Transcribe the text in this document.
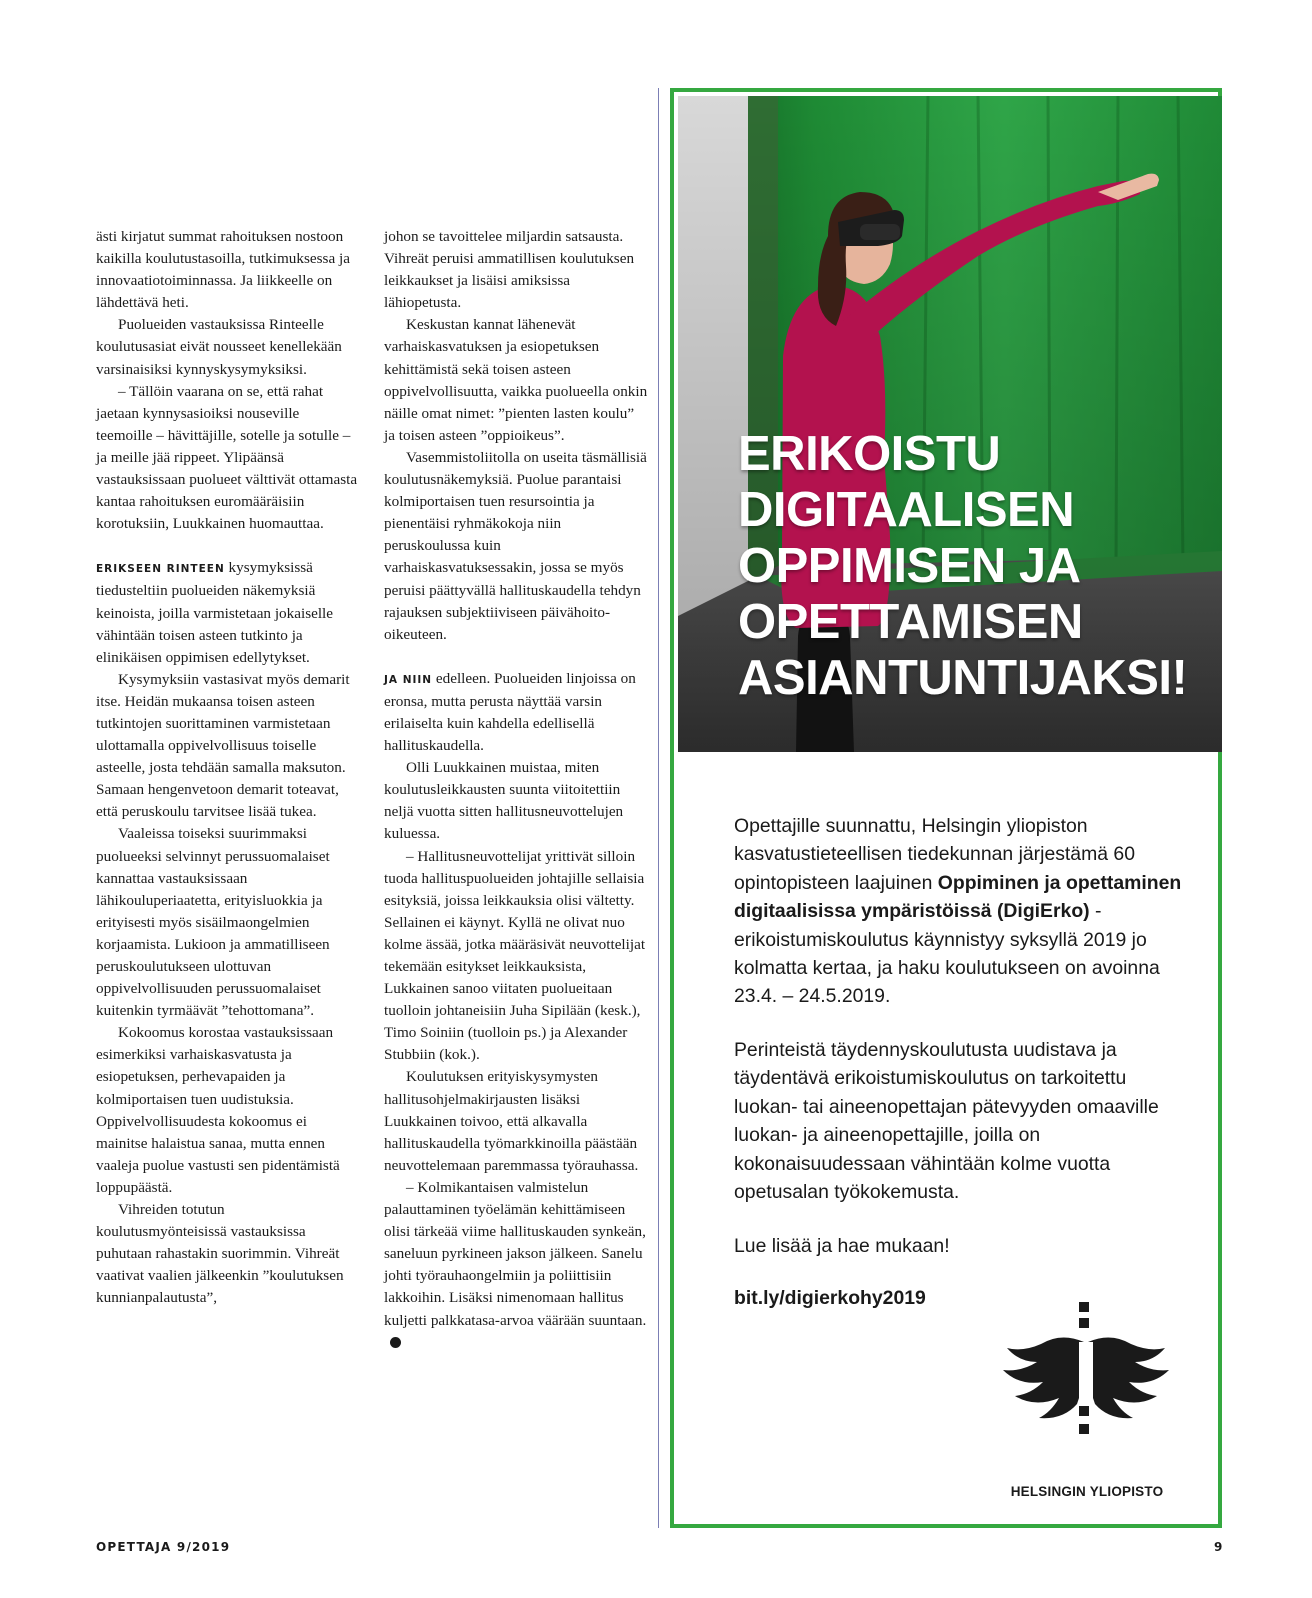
ästi kirjatut summat rahoituksen nostoon kaikilla koulutustasoilla, tutkimuksessa ja innovaatiotoiminnassa. Ja liikkeelle on lähdettävä heti.

Puolueiden vastauksissa Rinteelle koulutusasiat eivät nousseet kenellekään varsinaisiksi kynnyskysymyksiksi.

– Tällöin vaarana on se, että rahat jaetaan kynnysasioiksi nouseville teemoille – hävittäjille, sotelle ja sotulle – ja meille jää rippeet. Ylipäänsä vastauksissaan puolueet välttivät ottamasta kantaa rahoituksen euromääräisiin korotuksiin, Luukkainen huomauttaa.

ERIKSEEN RINTEEN kysymyksissä tiedusteltiin puolueiden näkemyksiä keinoista, joilla varmistetaan jokaiselle vähintään toisen asteen tutkinto ja elinikäisen oppimisen edellytykset.

Kysymyksiin vastasivat myös demarit itse. Heidän mukaansa toisen asteen tutkintojen suorittaminen varmistetaan ulottamalla oppivelvollisuus toiselle asteelle, josta tehdään samalla maksuton. Samaan hengenvetoon demarit toteavat, että peruskoulu tarvitsee lisää tukea.

Vaaleissa toiseksi suurimmaksi puolueeksi selvinnyt perussuomalaiset kannattaa vastauksissaan lähikouluperiaatetta, erityisluokkia ja erityisesti myös sisäilmaongelmien korjaamista. Lukioon ja ammatilliseen peruskoulutukseen ulottuvan oppivelvollisuuden perussuomalaiset kuitenkin tyrmäävät ”tehottomana”.

Kokoomus korostaa vastauksissaan esimerkiksi varhaiskasvatusta ja esiopetuksen, perhevapaiden ja kolmiportaisen tuen uudistuksia. Oppivelvollisuudesta kokoomus ei mainitse halaistua sanaa, mutta ennen vaaleja puolue vastusti sen pidentämistä loppupäästä.

Vihreiden totutun koulutusmyönteisissä vastauksissa puhutaan rahastakin suorimmin. Vihreät vaativat vaalien jälkeenkin ”koulutuksen kunnianpalautusta”,

johon se tavoittelee miljardin satsausta. Vihreät peruisi ammatillisen koulutuksen leikkaukset ja lisäisi amiksissa lähiopetusta.

Keskustan kannat lähenevät varhaiskasvatuksen ja esiopetuksen kehittämistä sekä toisen asteen oppivelvollisuutta, vaikka puolueella onkin näille omat nimet: ”pienten lasten koulu” ja toisen asteen ”oppioikeus”.

Vasemmistoliitolla on useita täsmällisiä koulutusnäkemyksiä. Puolue parantaisi kolmiportaisen tuen resursointia ja pienentäisi ryhmäkokoja niin peruskoulussa kuin varhaiskasvatuksessakin, jossa se myös peruisi päättyvällä hallituskaudella tehdyn rajauksen subjektiiviseen päivähoito-oikeuteen.

JA NIIN edelleen. Puolueiden linjoissa on eronsa, mutta perusta näyttää varsin erilaiselta kuin kahdella edellisellä hallituskaudella.

Olli Luukkainen muistaa, miten koulutusleikkausten suunta viitoitettiin neljä vuotta sitten hallitusneuvottelujen kuluessa.

– Hallitusneuvottelijat yrittivät silloin tuoda hallituspuolueiden johtajille sellaisia esityksiä, joissa leikkauksia olisi vältetty. Sellainen ei käynyt. Kyllä ne olivat nuo kolme ässää, jotka määräsivät neuvottelijat tekemään esitykset leikkauksista, Lukkainen sanoo viitaten puolueitaan tuolloin johtaneisiin Juha Sipilään (kesk.), Timo Soiniin (tuolloin ps.) ja Alexander Stubbiin (kok.).

Koulutuksen erityiskysymysten hallitusohjelmakirjausten lisäksi Luukkainen toivoo, että alkavalla hallituskaudella työmarkkinoilla päästään neuvottelemaan paremmassa työrauhassa.

– Kolmikantaisen valmistelun palauttaminen työelämän kehittämiseen olisi tärkeää viime hallituskauden synkeän, saneluun pyrkineen jakson jälkeen. Sanelu johti työrauhaongelmiin ja poliittisiin lakkoihin. Lisäksi nimenomaan hallitus kuljetti palkkatasa-arvoa väärään suuntaan.

ERIKOISTU
DIGITAALISEN
OPPIMISEN JA
OPETTAMISEN
ASIANTUNTIJAKSI!

Opettajille suunnattu, Helsingin yliopiston kasvatustieteellisen tiedekunnan järjestämä 60 opintopisteen laajuinen Oppiminen ja opettaminen digitaalisissa ympäristöissä (DigiErko) -erikoistumiskoulutus käynnistyy syksyllä 2019 jo kolmatta kertaa, ja haku koulutukseen on avoinna 23.4. – 24.5.2019.

Perinteistä täydennyskoulutusta uudistava ja täydentävä erikoistumiskoulutus on tarkoitettu luokan- tai aineenopettajan pätevyyden omaaville luokan- ja aineenopettajille, joilla on kokonaisuudessaan vähintään kolme vuotta opetusalan työkokemusta.

Lue lisää ja hae mukaan!

bit.ly/digierkohy2019

HELSINGIN YLIOPISTO
OPETTAJA 9/2019	9
